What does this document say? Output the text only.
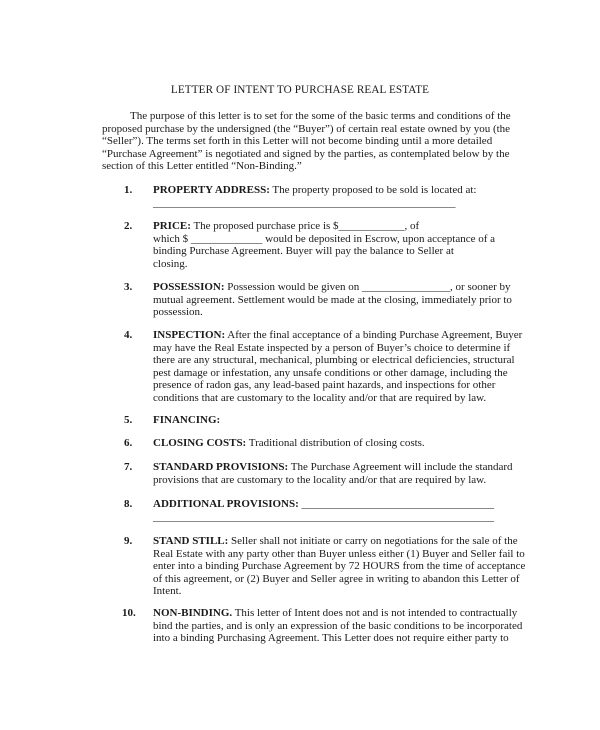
LETTER OF INTENT TO PURCHASE REAL ESTATE
The purpose of this letter is to set for the some of the basic terms and conditions of the
proposed purchase by the undersigned (the “Buyer”) of certain real estate owned by you (the
“Seller”). The terms set forth in this Letter will not become binding until a more detailed
“Purchase Agreement” is negotiated and signed by the parties, as contemplated below by the
section of this Letter entitled “Non-Binding.”
1. PROPERTY ADDRESS: The property proposed to be sold is located at:
_______________________________________________________
2. PRICE: The proposed purchase price is $____________, of
which $ _____________ would be deposited in Escrow, upon acceptance of a
binding Purchase Agreement. Buyer will pay the balance to Seller at
closing.
3. POSSESSION: Possession would be given on ________________, or sooner by
mutual agreement. Settlement would be made at the closing, immediately prior to
possession.
4. INSPECTION: After the final acceptance of a binding Purchase Agreement, Buyer
may have the Real Estate inspected by a person of Buyer’s choice to determine if
there are any structural, mechanical, plumbing or electrical deficiencies, structural
pest damage or infestation, any unsafe conditions or other damage, including the
presence of radon gas, any lead-based paint hazards, and inspections for other
conditions that are customary to the locality and/or that are required by law.
5. FINANCING:
6. CLOSING COSTS: Traditional distribution of closing costs.
7. STANDARD PROVISIONS: The Purchase Agreement will include the standard
provisions that are customary to the locality and/or that are required by law.
8. ADDITIONAL PROVISIONS: ___________________________________
______________________________________________________________
9. STAND STILL: Seller shall not initiate or carry on negotiations for the sale of the
Real Estate with any party other than Buyer unless either (1) Buyer and Seller fail to
enter into a binding Purchase Agreement by 72 HOURS from the time of acceptance
of this agreement, or (2) Buyer and Seller agree in writing to abandon this Letter of
Intent.
10. NON-BINDING. This letter of Intent does not and is not intended to contractually
bind the parties, and is only an expression of the basic conditions to be incorporated
into a binding Purchasing Agreement. This Letter does not require either party to
